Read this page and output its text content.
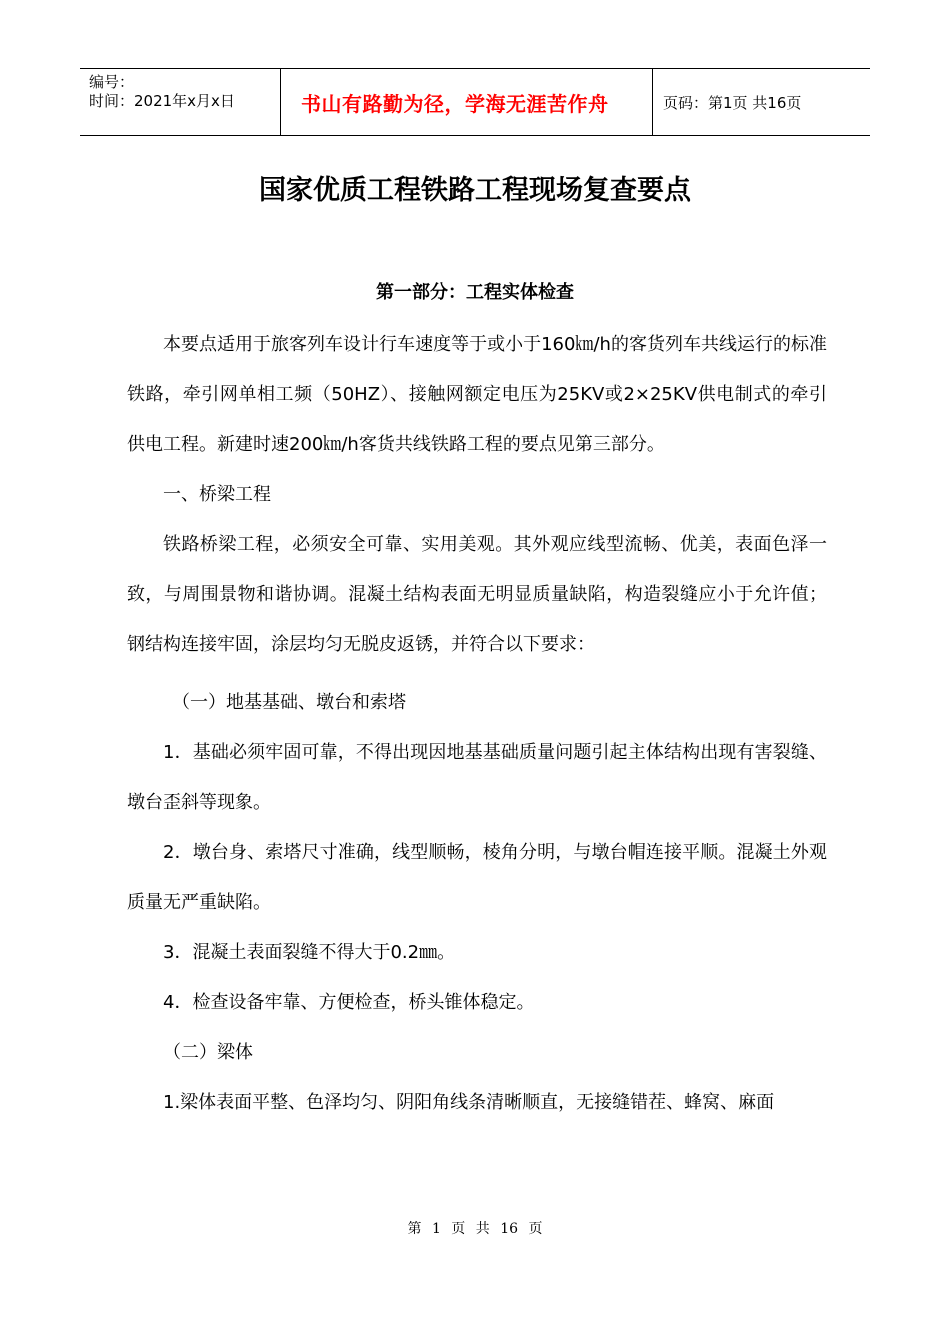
编号：
时间：2021年x月x日	书山有路勤为径，学海无涯苦作舟	页码：第1页 共16页
国家优质工程铁路工程现场复查要点
第一部分：工程实体检查

本要点适用于旅客列车设计行车速度等于或小于160㎞/h的客货列车共线运行的标准铁路，牵引网单相工频（50HZ）、接触网额定电压为25KV或2×25KV供电制式的牵引供电工程。新建时速200㎞/h客货共线铁路工程的要点见第三部分。

一、桥梁工程

铁路桥梁工程，必须安全可靠、实用美观。其外观应线型流畅、优美，表面色泽一致，与周围景物和谐协调。混凝土结构表面无明显质量缺陷，构造裂缝应小于允许值；钢结构连接牢固，涂层均匀无脱皮返锈，并符合以下要求：

（一）地基基础、墩台和索塔

1．基础必须牢固可靠，不得出现因地基基础质量问题引起主体结构出现有害裂缝、墩台歪斜等现象。

2．墩台身、索塔尺寸准确，线型顺畅，棱角分明，与墩台帽连接平顺。混凝土外观质量无严重缺陷。

3．混凝土表面裂缝不得大于0.2㎜。

4．检查设备牢靠、方便检查，桥头锥体稳定。

（二）梁体

1.梁体表面平整、色泽均匀、阴阳角线条清晰顺直，无接缝错茬、蜂窝、麻面

第 1 页 共 16 页
